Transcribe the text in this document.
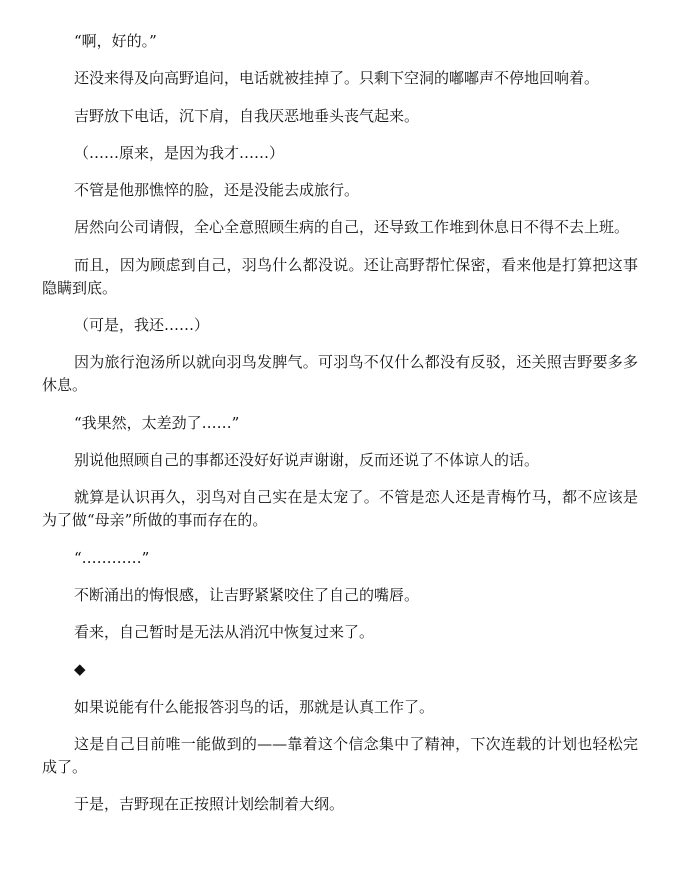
“啊，好的。”

还没来得及向高野追问，电话就被挂掉了。只剩下空洞的嘟嘟声不停地回响着。

吉野放下电话，沉下肩，自我厌恶地垂头丧气起来。

（……原来，是因为我才……）

不管是他那憔悴的脸，还是没能去成旅行。

居然向公司请假，全心全意照顾生病的自己，还导致工作堆到休息日不得不去上班。

而且，因为顾虑到自己，羽鸟什么都没说。还让高野帮忙保密，看来他是打算把这事隐瞒到底。

（可是，我还……）

因为旅行泡汤所以就向羽鸟发脾气。可羽鸟不仅什么都没有反驳，还关照吉野要多多休息。

“我果然，太差劲了……”

别说他照顾自己的事都还没好好说声谢谢，反而还说了不体谅人的话。

就算是认识再久，羽鸟对自己实在是太宠了。不管是恋人还是青梅竹马，都不应该是为了做“母亲”所做的事而存在的。

“…………”

不断涌出的悔恨感，让吉野紧紧咬住了自己的嘴唇。

看来，自己暂时是无法从消沉中恢复过来了。

◆

如果说能有什么能报答羽鸟的话，那就是认真工作了。

这是自己目前唯一能做到的——靠着这个信念集中了精神，下次连载的计划也轻松完成了。

于是，吉野现在正按照计划绘制着大纲。
